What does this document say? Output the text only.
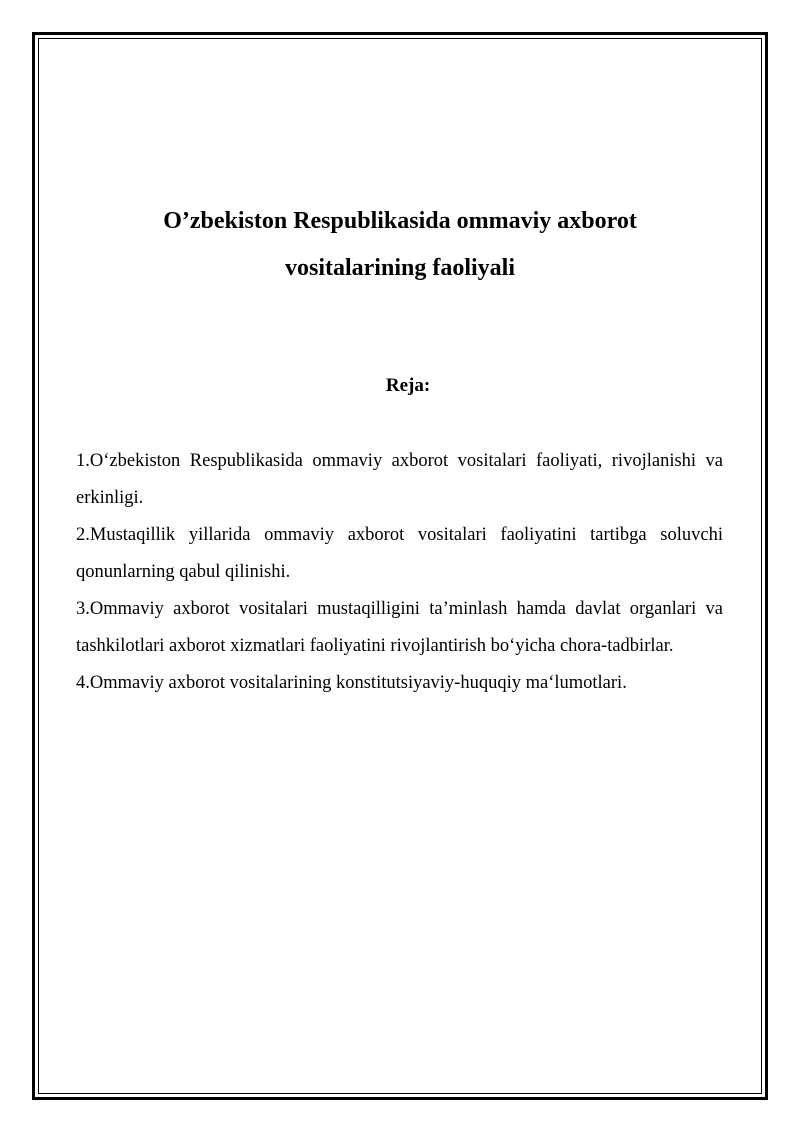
O’zbekiston Respublikasida ommaviy axborot
vositalarining faoliyali
Reja:
1.O‘zbekiston Respublikasida ommaviy axborot vositalari faoliyati, rivojlanishi va erkinligi.
2.Mustaqillik yillarida ommaviy axborot vositalari faoliyatini tartibga soluvchi qonunlarning qabul qilinishi.
3.Ommaviy axborot vositalari mustaqilligini ta’minlash hamda davlat organlari va tashkilotlari axborot xizmatlari faoliyatini rivojlantirish bo‘yicha chora-tadbirlar.
4.Ommaviy axborot vositalarining konstitutsiyaviy-huquqiy ma‘lumotlari.
